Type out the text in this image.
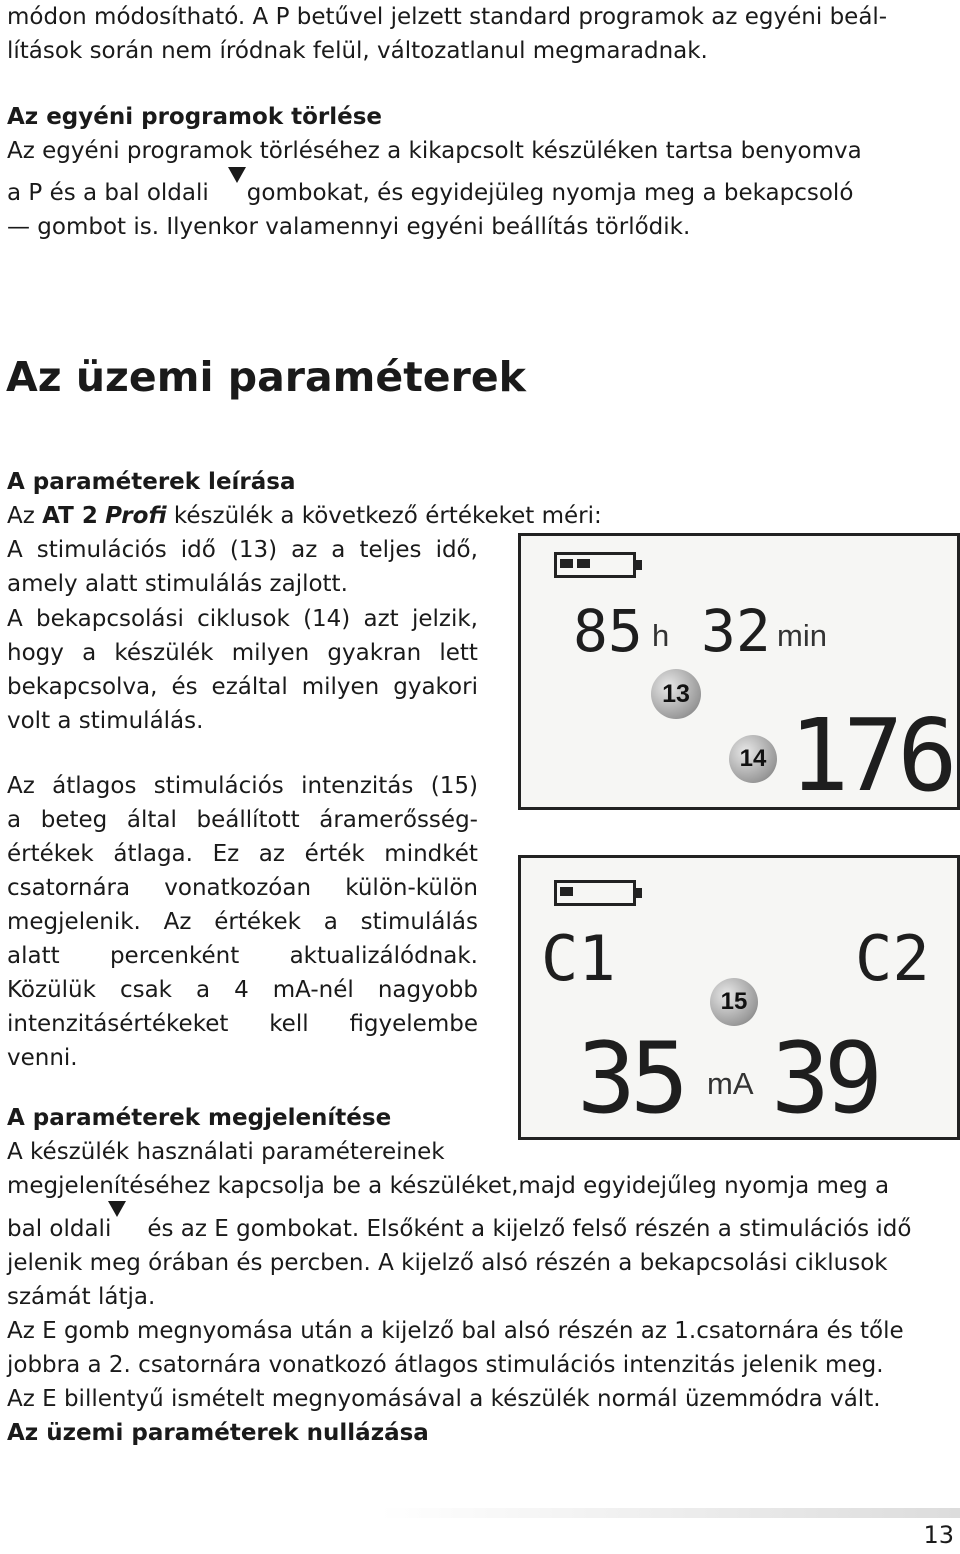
módon módosítható. A P betűvel jelzett standard programok az egyéni beál-

lítások során nem íródnak felül, változatlanul megmaradnak.

Az egyéni programok törlése

Az egyéni programok törléséhez a kikapcsolt készüléken tartsa benyomva

a P és a bal oldali gombokat, és egyidejüleg nyomja meg a bekapcsoló

— gombot is. Ilyenkor valamennyi egyéni beállítás törlődik.

Az üzemi paraméterek

A paraméterek leírása

Az AT 2 Profi készülék a következő értékeket méri:

A stimulációs idő (13) az a teljes idő,
amely alatt stimulálás zajlott.
A bekapcsolási ciklusok (14) azt jelzik,
hogy a készülék milyen gyakran lett
bekapcsolva, és ezáltal milyen gyakori
volt a stimulálás.
Az átlagos stimulációs intenzitás (15)
a beteg által beállított áramerősség-
értékek átlaga. Ez az érték mindkét
csatornára vonatkozóan külön-külön
megjelenik. Az értékek a stimulálás
alatt percenként aktualizálódnak.
Közülük csak a 4 mA-nél nagyobb
intenzitásértékeket kell figyelembe
venni.
85 h 32 min
13
14 176
C1	C2
15
35 mA 39

A paraméterek megjelenítése

A készülék használati paramétereinek

megjelenítéséhez kapcsolja be a készüléket,majd egyidejűleg nyomja meg a

bal oldali és az E gombokat. Elsőként a kijelző felső részén a stimulációs idő

jelenik meg órában és percben. A kijelző alsó részén a bekapcsolási ciklusok

számát látja.

Az E gomb megnyomása után a kijelző bal alsó részén az 1.csatornára és tőle

jobbra a 2. csatornára vonatkozó átlagos stimulációs intenzitás jelenik meg.

Az E billentyű ismételt megnyomásával a készülék normál üzemmódra vált.

Az üzemi paraméterek nullázása

13
